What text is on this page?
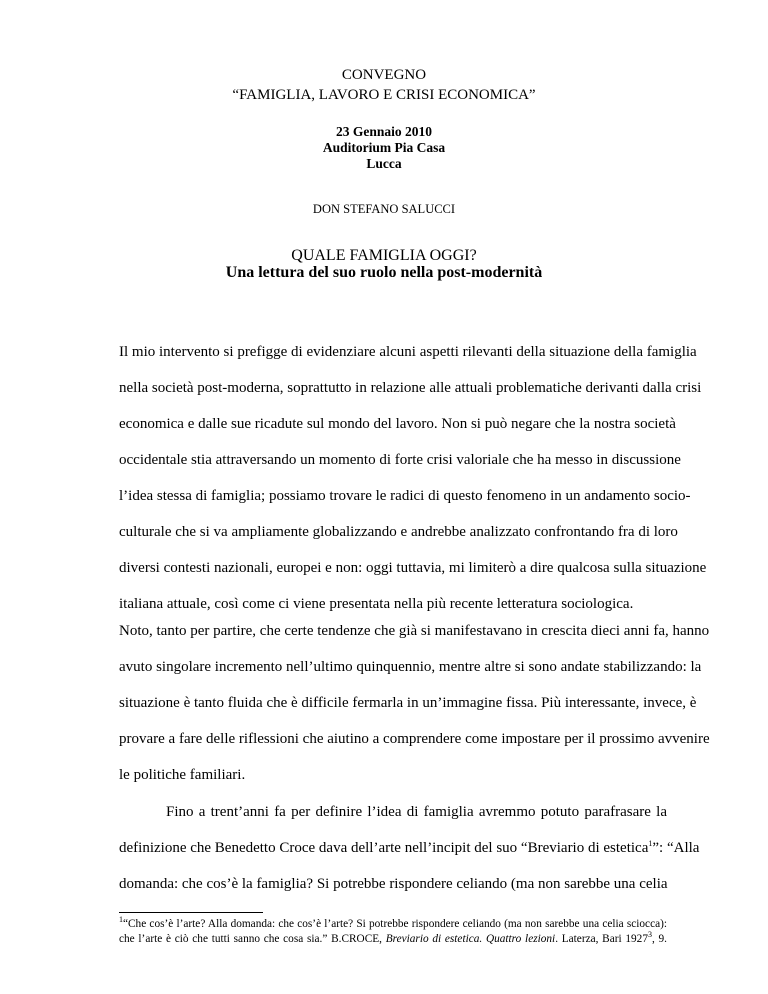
CONVEGNO
“FAMIGLIA, LAVORO E CRISI ECONOMICA”
23 Gennaio 2010
Auditorium Pia Casa
Lucca
DON STEFANO SALUCCI
QUALE FAMIGLIA OGGI?
Una lettura del suo ruolo nella post-modernità
Il mio intervento si prefigge di evidenziare alcuni aspetti rilevanti della situazione della famiglia
nella società post-moderna, soprattutto in relazione alle attuali problematiche derivanti dalla crisi
economica e dalle sue ricadute sul mondo del lavoro. Non si può negare che la nostra società
occidentale stia attraversando un momento di forte crisi valoriale che ha messo in discussione
l’idea stessa di famiglia; possiamo trovare le radici di questo fenomeno in un andamento socio-
culturale che si va ampliamente globalizzando e andrebbe analizzato confrontando fra di loro
diversi contesti nazionali, europei e non: oggi tuttavia, mi limiterò a dire qualcosa sulla situazione
italiana attuale, così come ci viene presentata nella più recente letteratura sociologica.
Noto, tanto per partire, che certe tendenze che già si manifestavano in crescita dieci anni fa, hanno
avuto singolare incremento nell’ultimo quinquennio, mentre altre si sono andate stabilizzando: la
situazione è tanto fluida che è difficile fermarla in un’immagine fissa. Più interessante, invece, è
provare a fare delle riflessioni che aiutino a comprendere come impostare per il prossimo avvenire
le politiche familiari.
Fino a trent’anni fa per definire l’idea di famiglia avremmo potuto parafrasare la
definizione che Benedetto Croce dava dell’arte nell’incipit del suo “Breviario di estetica$^1$”: “Alla
domanda: che cos’è la famiglia? Si potrebbe rispondere celiando (ma non sarebbe una celia
$^1$“Che cos’è l’arte? Alla domanda: che cos’è l’arte? Si potrebbe rispondere celiando (ma non sarebbe una celia sciocca):
che l’arte è ciò che tutti sanno che cosa sia.” B.CROCE, Breviario di estetica. Quattro lezioni. Laterza, Bari 1927$^3$, 9.
